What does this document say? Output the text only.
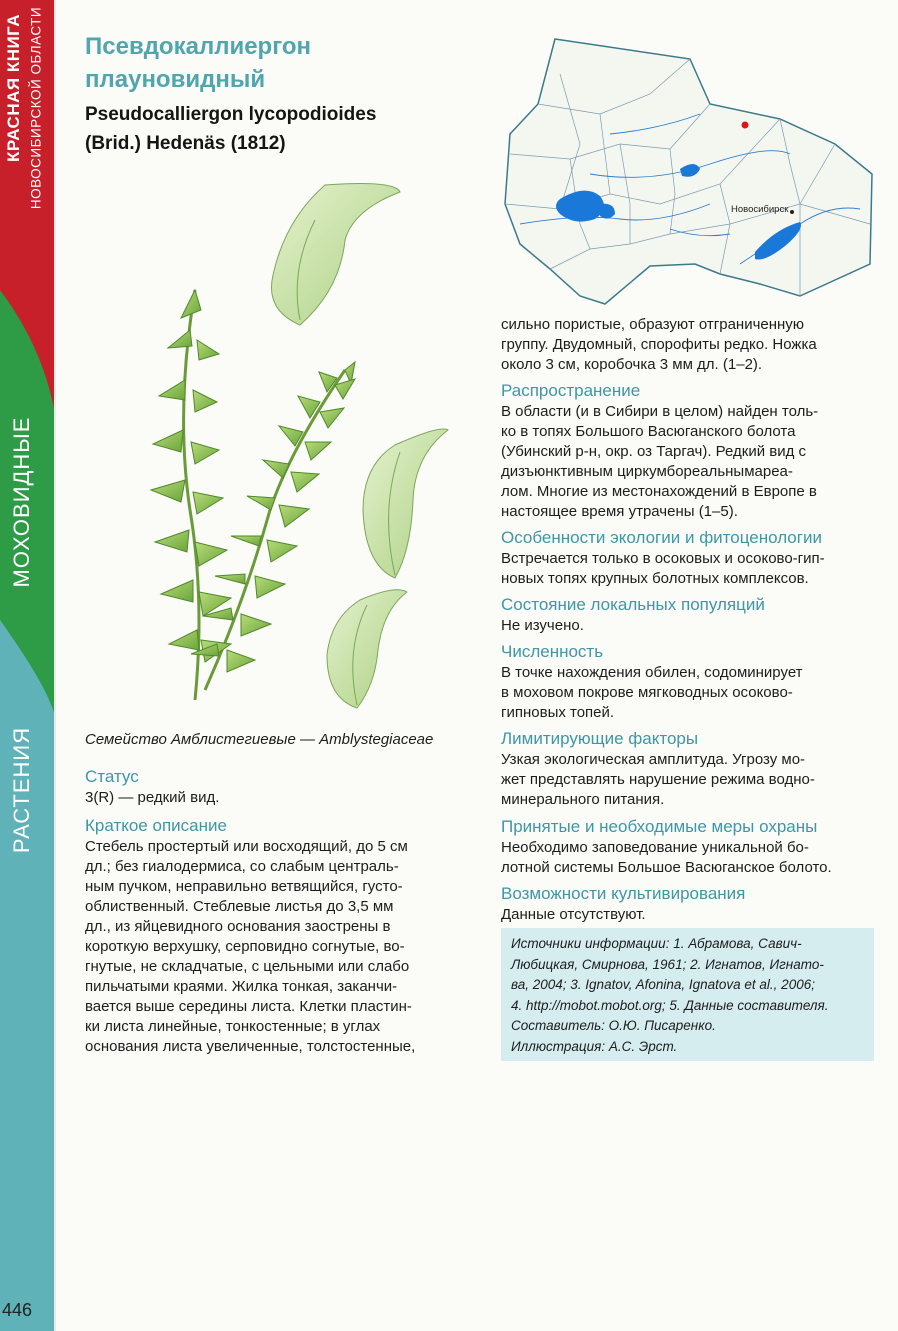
КРАСНАЯ КНИГА НОВОСИБИРСКОЙ ОБЛАСТИ
МОХОВИДНЫЕ
РАСТЕНИЯ
446
Псевдокаллиергон
плауновидный
Pseudocalliergon lycopodioides
(Brid.) Hedenäs (1812)
Семейство Амблистегиевые — Amblystegiaceae
Новосибирск
Статус
3(R) — редкий вид.
Краткое описание
Стебель простертый или восходящий, до 5 см
дл.; без гиалодермиса, со слабым централь-
ным пучком, неправильно ветвящийся, густо-
облиственный. Стеблевые листья до 3,5 мм
дл., из яйцевидного основания заострены в
короткую верхушку, серповидно согнутые, во-
гнутые, не складчатые, с цельными или слабо
пильчатыми краями. Жилка тонкая, заканчи-
вается выше середины листа. Клетки пластин-
ки листа линейные, тонкостенные; в углах
основания листа увеличенные, толстостенные,
сильно пористые, образуют отграниченную
группу. Двудомный, спорофиты редко. Ножка
около 3 см, коробочка 3 мм дл. (1–2).
Распространение
В области (и в Сибири в целом) найден толь-
ко в топях Большого Васюганского болота
(Убинский р-н, окр. оз Таргач). Редкий вид с
дизъюнктивным циркумбореальнымареа-
лом. Многие из местонахождений в Европе в
настоящее время утрачены (1–5).
Особенности экологии и фитоценологии
Встречается только в осоковых и осоково-гип-
новых топях крупных болотных комплексов.
Состояние локальных популяций
Не изучено.
Численность
В точке нахождения обилен, содоминирует
в моховом покрове мягководных осоково-
гипновых топей.
Лимитирующие факторы
Узкая экологическая амплитуда. Угрозу мо-
жет представлять нарушение режима водно-
минерального питания.
Принятые и необходимые меры охраны
Необходимо заповедование уникальной бо-
лотной системы Большое Васюганское болото.
Возможности культивирования
Данные отсутствуют.
Источники информации: 1. Абрамова, Савич-
Любицкая, Смирнова, 1961; 2. Игнатов, Игнато-
ва, 2004; 3. Ignatov, Afonina, Ignatova et al., 2006;
4. http://mobot.mobot.org; 5. Данные составителя.
Составитель: О.Ю. Писаренко.
Иллюстрация: А.С. Эрст.
